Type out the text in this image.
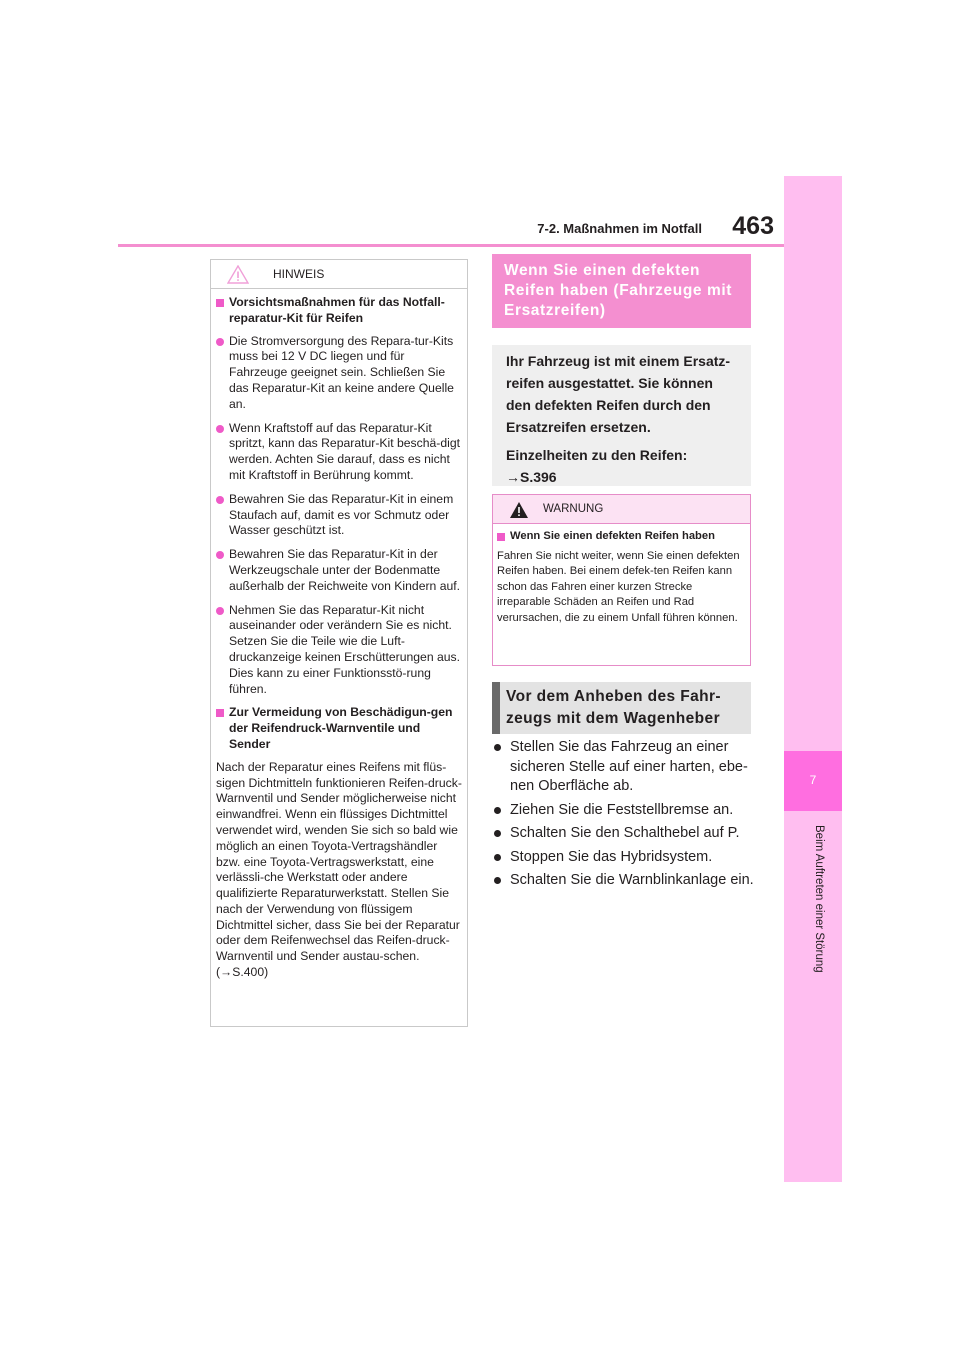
7-2. Maßnahmen im Notfall	463
7
Beim Auftreten einer Störung
HINWEIS
Vorsichtsmaßnahmen für das Notfall-reparatur-Kit für Reifen
Die Stromversorgung des Repara-tur-Kits muss bei 12 V DC liegen und für Fahrzeuge geeignet sein. Schließen Sie das Reparatur-Kit an keine andere Quelle an.
Wenn Kraftstoff auf das Reparatur-Kit spritzt, kann das Reparatur-Kit beschä-digt werden. Achten Sie darauf, dass es nicht mit Kraftstoff in Berührung kommt.
Bewahren Sie das Reparatur-Kit in einem Staufach auf, damit es vor Schmutz oder Wasser geschützt ist.
Bewahren Sie das Reparatur-Kit in der Werkzeugschale unter der Bodenmatte außerhalb der Reichweite von Kindern auf.
Nehmen Sie das Reparatur-Kit nicht auseinander oder verändern Sie es nicht. Setzen Sie die Teile wie die Luft-druckanzeige keinen Erschütterungen aus. Dies kann zu einer Funktionsstö-rung führen.
Zur Vermeidung von Beschädigun-gen der Reifendruck-Warnventile und Sender
Nach der Reparatur eines Reifens mit flüs-sigen Dichtmitteln funktionieren Reifen-druck-Warnventil und Sender möglicherweise nicht einwandfrei. Wenn ein flüssiges Dichtmittel verwendet wird, wenden Sie sich so bald wie möglich an einen Toyota-Vertragshändler bzw. eine Toyota-Vertragswerkstatt, eine verlässli-che Werkstatt oder andere qualifizierte Reparaturwerkstatt. Stellen Sie nach der Verwendung von flüssigem Dichtmittel sicher, dass Sie bei der Reparatur oder dem Reifenwechsel das Reifen-druck-Warnventil und Sender austau-schen. (→S.400)
Wenn Sie einen defekten Reifen haben (Fahrzeuge mit Ersatzreifen)
Ihr Fahrzeug ist mit einem Ersatz-reifen ausgestattet. Sie können den defekten Reifen durch den Ersatzreifen ersetzen.
Einzelheiten zu den Reifen:
→S.396
WARNUNG
Wenn Sie einen defekten Reifen haben
Fahren Sie nicht weiter, wenn Sie einen defekten Reifen haben. Bei einem defek-ten Reifen kann schon das Fahren einer kurzen Strecke irreparable Schäden an Reifen und Rad verursachen, die zu einem Unfall führen können.
Vor dem Anheben des Fahr-zeugs mit dem Wagenheber
Stellen Sie das Fahrzeug an einer sicheren Stelle auf einer harten, ebe-nen Oberfläche ab.
Ziehen Sie die Feststellbremse an.
Schalten Sie den Schalthebel auf P.
Stoppen Sie das Hybridsystem.
Schalten Sie die Warnblinkanlage ein.
